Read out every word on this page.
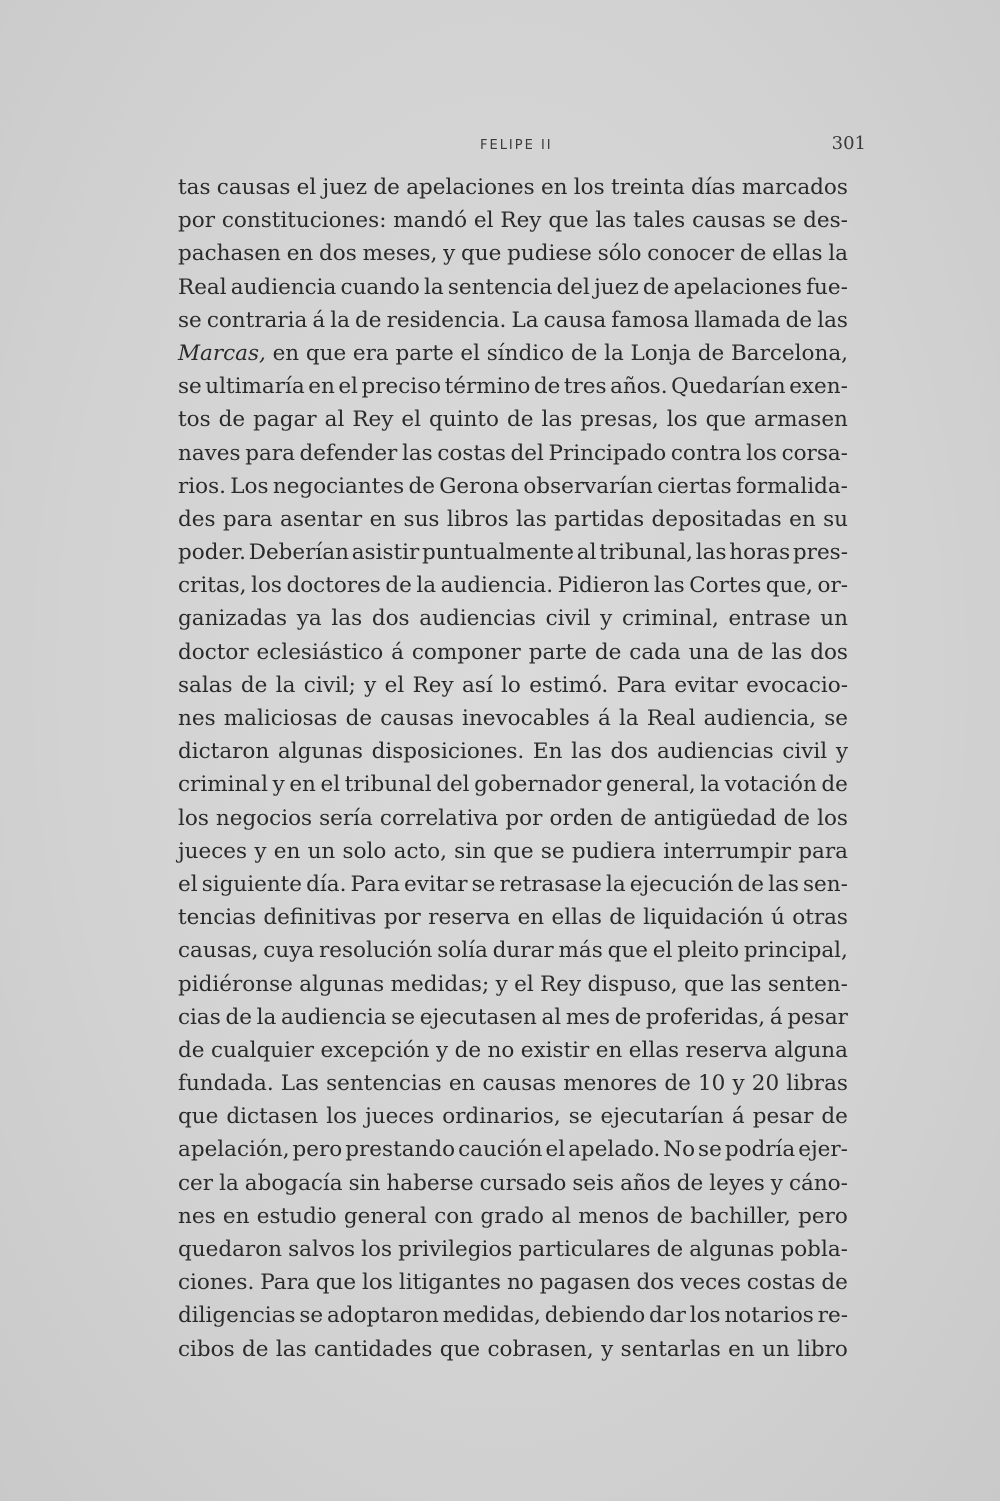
FELIPE II	301
tas causas el juez de apelaciones en los treinta días marcados
por constituciones: mandó el Rey que las tales causas se des-
pachasen en dos meses, y que pudiese sólo conocer de ellas la
Real audiencia cuando la sentencia del juez de apelaciones fue-
se contraria á la de residencia. La causa famosa llamada de las
Marcas, en que era parte el síndico de la Lonja de Barcelona,
se ultimaría en el preciso término de tres años. Quedarían exen-
tos de pagar al Rey el quinto de las presas, los que armasen
naves para defender las costas del Principado contra los corsa-
rios. Los negociantes de Gerona observarían ciertas formalida-
des para asentar en sus libros las partidas depositadas en su
poder. Deberían asistir puntualmente al tribunal, las horas pres-
critas, los doctores de la audiencia. Pidieron las Cortes que, or-
ganizadas ya las dos audiencias civil y criminal, entrase un
doctor eclesiástico á componer parte de cada una de las dos
salas de la civil; y el Rey así lo estimó. Para evitar evocacio-
nes maliciosas de causas inevocables á la Real audiencia, se
dictaron algunas disposiciones. En las dos audiencias civil y
criminal y en el tribunal del gobernador general, la votación de
los negocios sería correlativa por orden de antigüedad de los
jueces y en un solo acto, sin que se pudiera interrumpir para
el siguiente día. Para evitar se retrasase la ejecución de las sen-
tencias definitivas por reserva en ellas de liquidación ú otras
causas, cuya resolución solía durar más que el pleito principal,
pidiéronse algunas medidas; y el Rey dispuso, que las senten-
cias de la audiencia se ejecutasen al mes de proferidas, á pesar
de cualquier excepción y de no existir en ellas reserva alguna
fundada. Las sentencias en causas menores de 10 y 20 libras
que dictasen los jueces ordinarios, se ejecutarían á pesar de
apelación, pero prestando caución el apelado. No se podría ejer-
cer la abogacía sin haberse cursado seis años de leyes y cáno-
nes en estudio general con grado al menos de bachiller, pero
quedaron salvos los privilegios particulares de algunas pobla-
ciones. Para que los litigantes no pagasen dos veces costas de
diligencias se adoptaron medidas, debiendo dar los notarios re-
cibos de las cantidades que cobrasen, y sentarlas en un libro
